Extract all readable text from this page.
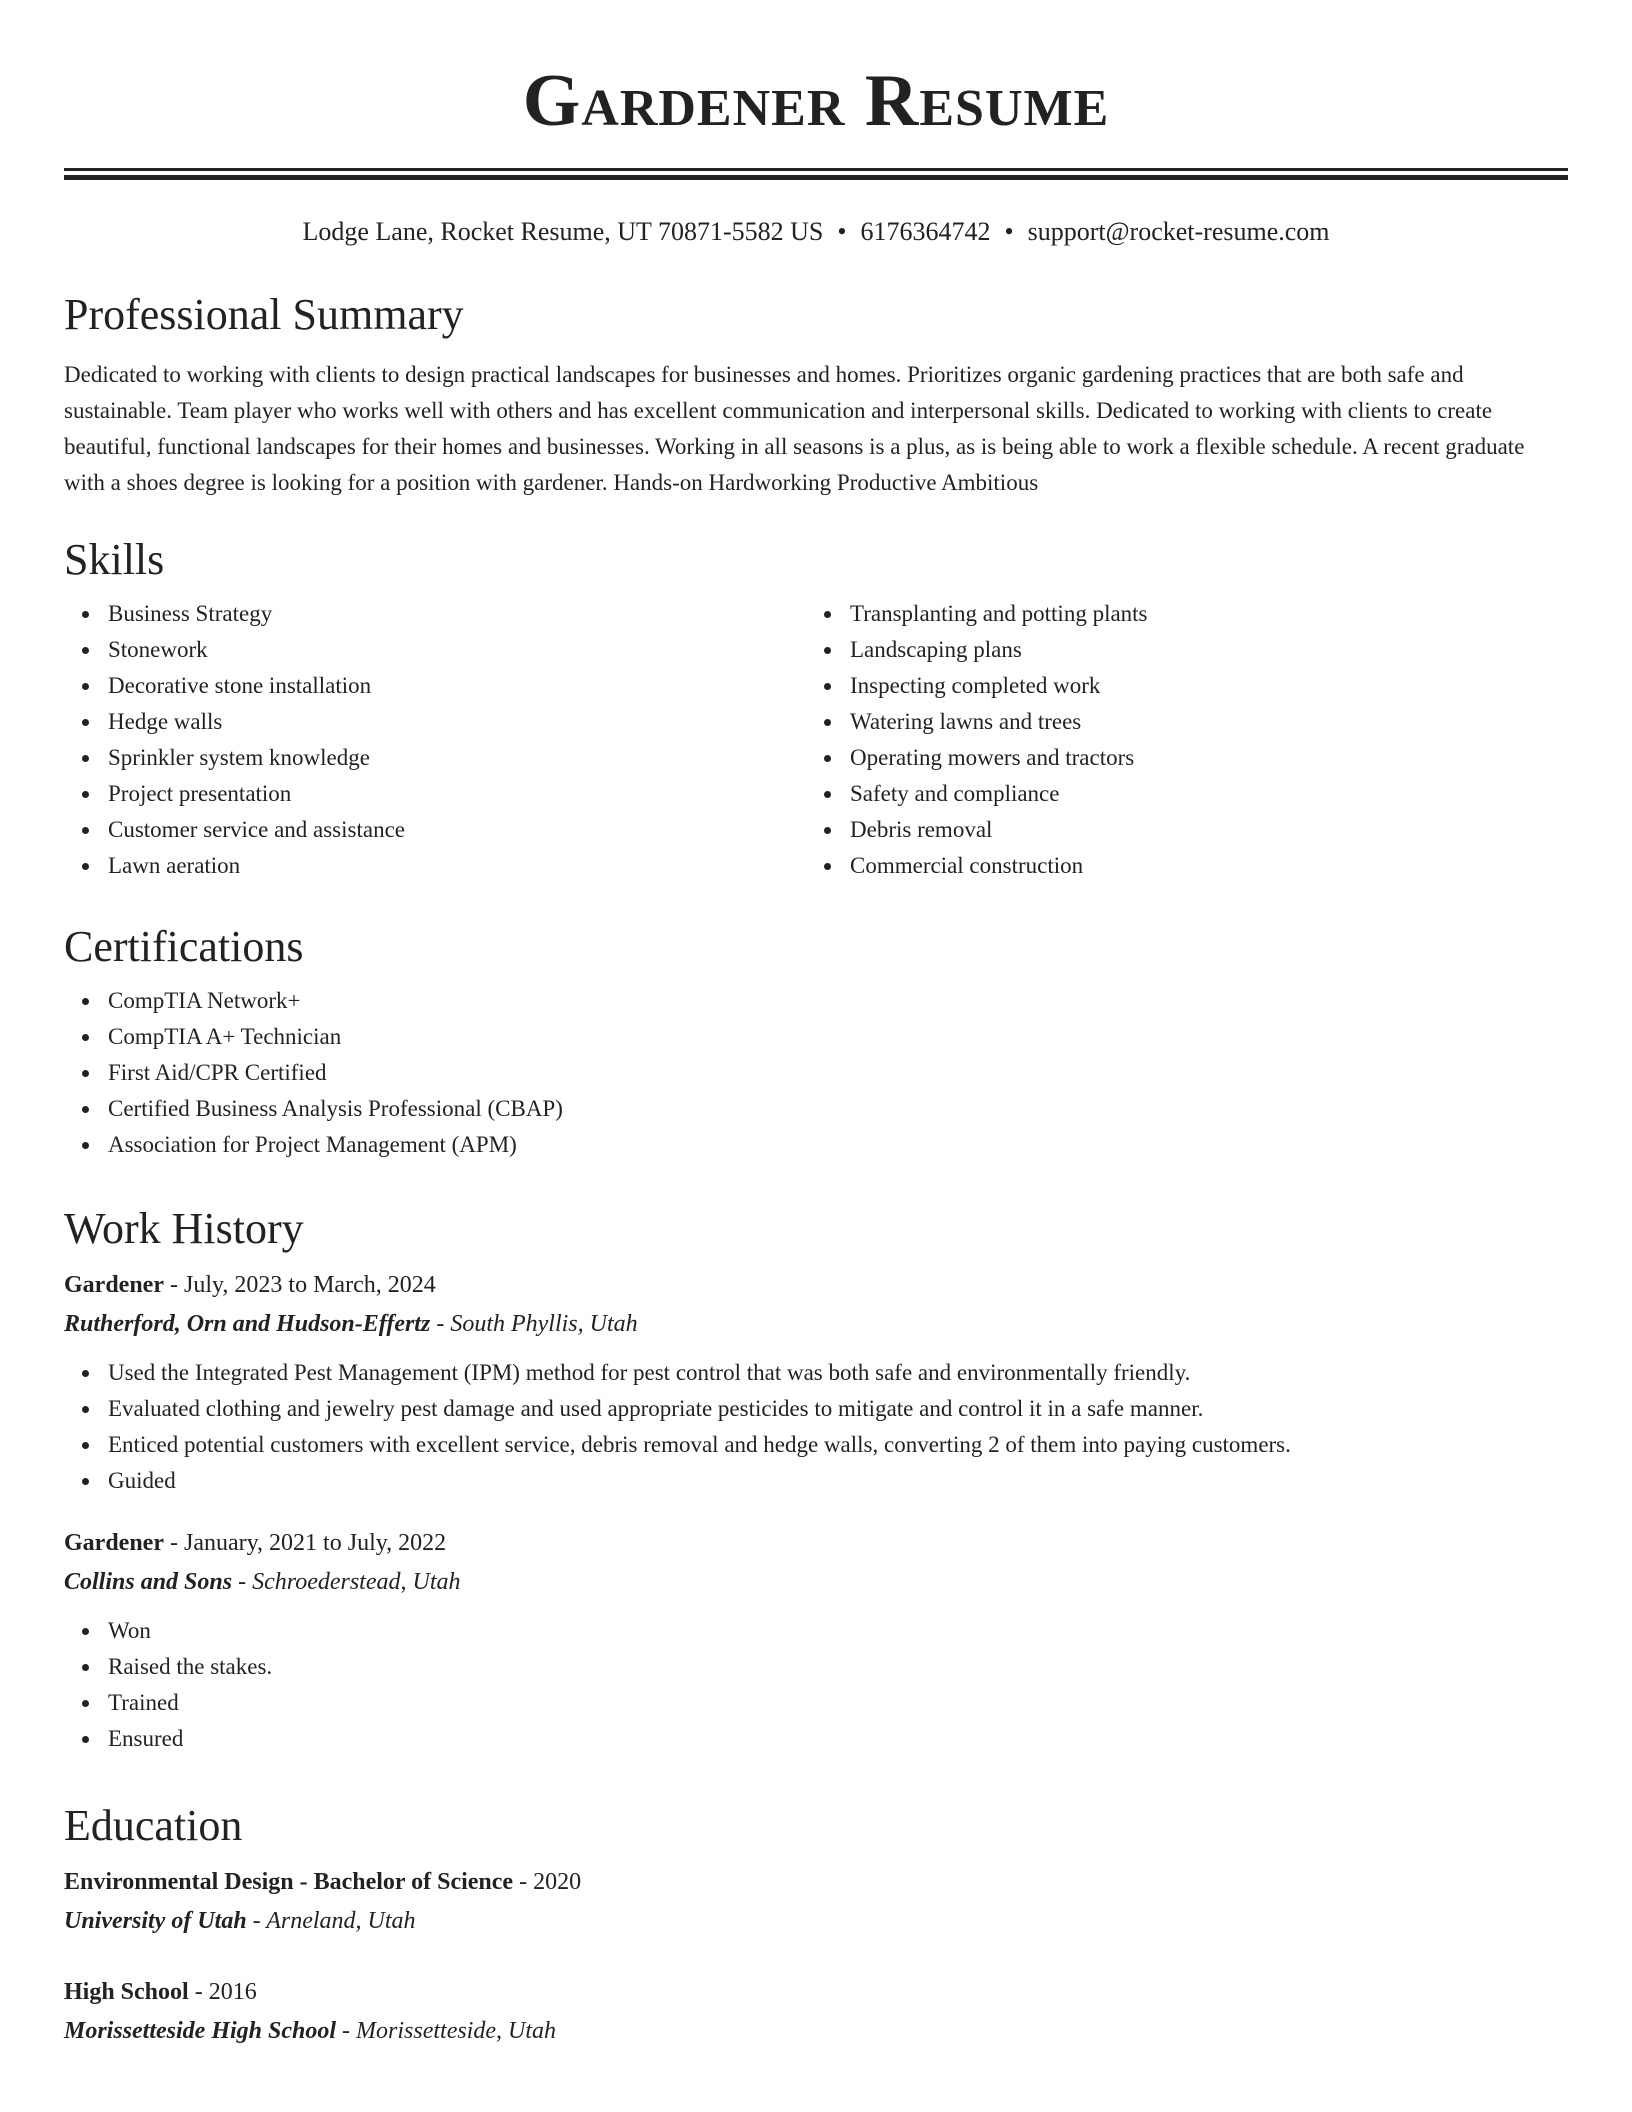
Gardener Resume
Lodge Lane, Rocket Resume, UT 70871-5582 US • 6176364742 • support@rocket-resume.com
Professional Summary

Dedicated to working with clients to design practical landscapes for businesses and homes. Prioritizes organic gardening practices that are both safe and sustainable. Team player who works well with others and has excellent communication and interpersonal skills. Dedicated to working with clients to create beautiful, functional landscapes for their homes and businesses. Working in all seasons is a plus, as is being able to work a flexible schedule. A recent graduate with a shoes degree is looking for a position with gardener. Hands-on Hardworking Productive Ambitious

Skills
Business Strategy
Stonework
Decorative stone installation
Hedge walls
Sprinkler system knowledge
Project presentation
Customer service and assistance
Lawn aeration
Transplanting and potting plants
Landscaping plans
Inspecting completed work
Watering lawns and trees
Operating mowers and tractors
Safety and compliance
Debris removal
Commercial construction
Certifications
CompTIA Network+
CompTIA A+ Technician
First Aid/CPR Certified
Certified Business Analysis Professional (CBAP)
Association for Project Management (APM)
Work History
Gardener - July, 2023 to March, 2024
Rutherford, Orn and Hudson-Effertz - South Phyllis, Utah
Used the Integrated Pest Management (IPM) method for pest control that was both safe and environmentally friendly.
Evaluated clothing and jewelry pest damage and used appropriate pesticides to mitigate and control it in a safe manner.
Enticed potential customers with excellent service, debris removal and hedge walls, converting 2 of them into paying customers.
Guided
Gardener - January, 2021 to July, 2022
Collins and Sons - Schroederstead, Utah
Won
Raised the stakes.
Trained
Ensured
Education
Environmental Design - Bachelor of Science - 2020
University of Utah - Arneland, Utah
High School - 2016
Morissetteside High School - Morissetteside, Utah
